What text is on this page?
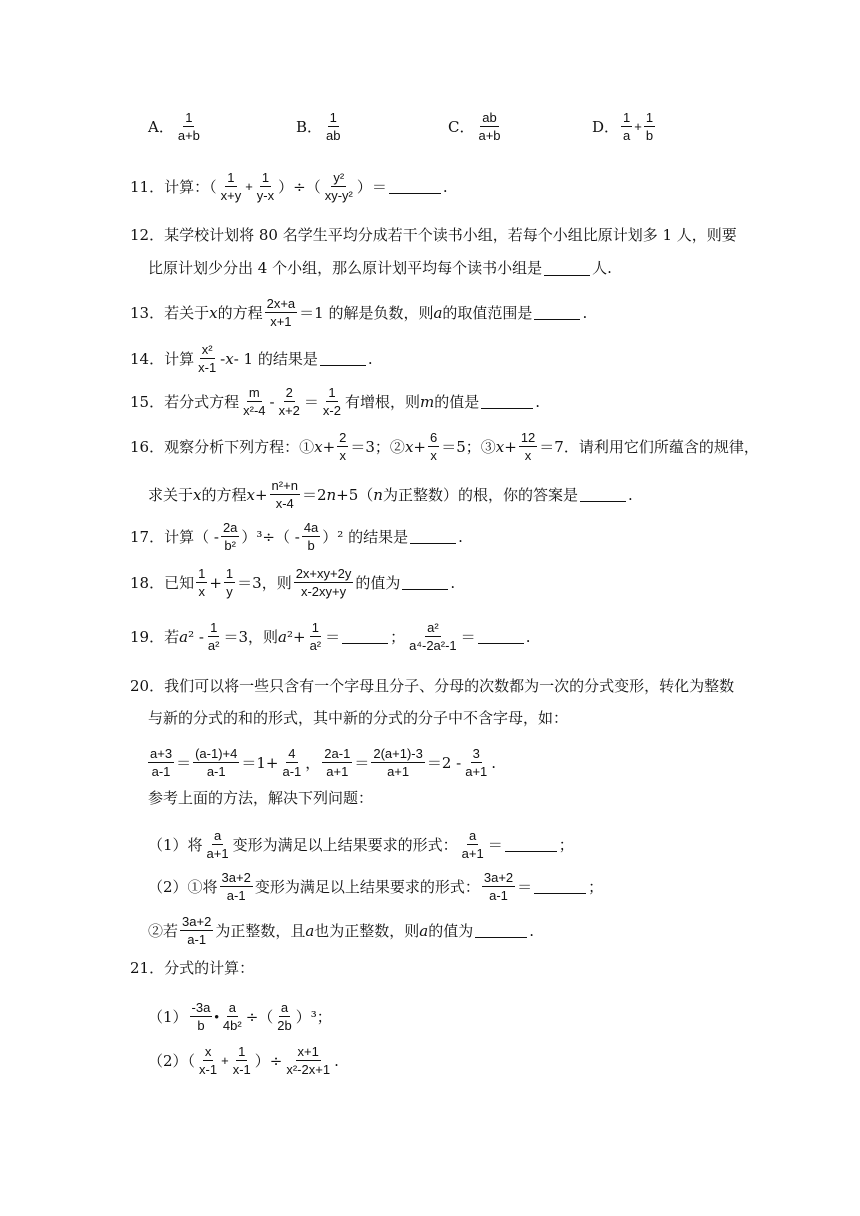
A． $\frac{1}{a+b}$	B． $\frac{1}{ab}$	C． $\frac{ab}{a+b}$	D． $\frac{1}{a} + \frac{1}{b}$
11． 计算：（ $\frac{1}{x+y} + \frac{1}{y-x}$ ）÷（ $\frac{\text{y²}}{\text{xy-y²}}$ ）＝	.
12． 某学校计划将 80 名学生平均分成若干个读书小组，若每个小组比原计划多 1 人，则要
比原计划少分出 4 个小组，那么原计划平均每个读书小组是	人.
13． 若关于 x 的方程 $\frac{2x+a}{x+1} =1$ 的解是负数，则 a 的取值范围是	.
14． 计算 $\frac{\text{x²}}{x-1}$ - x - 1 的结果是	.
15． 若分式方程 $\frac{m}{\text{x²-4}} - \frac{2}{x+2} = \frac{1}{x-2}$ 有增根，则 m 的值是	.
16． 观察分析下列方程：① $x + \frac{2}{x} =3$；② $x + \frac{6}{x} =5$；③ $x + \frac{12}{x} =7$．请利用它们所蕴含的规律，
求关于 x 的方程 $x + \frac{\text{n²+n}}{x-4} =2$ n +5（ n 为正整数）的根，你的答案是	.
17． 计算（ - $\frac{2a}{\text{b²}} )^3\div( - \frac{4a}{b} )^2$ 的结果是	.
18． 已知 $\frac{1}{x} + \frac{1}{y} =3$，则 $\frac{2x+xy+2y}{x-2xy+y}$ 的值为	.
19． 若 a $^2 - \frac{1}{\text{a²}} =3$，则 a $^2+ \frac{1}{\text{a²}}$ ＝	； $\frac{\text{a²}}{\text{a⁴-2a²-1}}$ ＝	.
20． 我们可以将一些只含有一个字母且分子、分母的次数都为一次的分式变形，转化为整数
与新的分式的和的形式，其中新的分式的分子中不含字母，如：
$\frac{a+3}{a-1} = \frac{(a-1)+4}{a-1} =1+ \frac{4}{a-1}$ ， $\frac{2a-1}{a+1} = \frac{2(a+1)-3}{a+1} =2 - \frac{3}{a+1}$ .
参考上面的方法，解决下列问题：
（1）将 $\frac{a}{a+1}$ 变形为满足以上结果要求的形式： $\frac{a}{a+1}$ ＝	；
（2）①将 $\frac{3a+2}{a-1}$ 变形为满足以上结果要求的形式： $\frac{3a+2}{a-1}$ ＝	；
②若 $\frac{3a+2}{a-1}$ 为正整数，且 a 也为正整数，则 a 的值为	.
21． 分式的计算：
$(1) \frac{-3a}{b}$ • $\frac{a}{\text{4b²}}$ ÷（ $\frac{a}{2b} )^3$；
$(2)( \frac{x}{x-1} + \frac{1}{x-1}$ ）÷ $\frac{x+1}{\text{x²-2x+1}}$ .
